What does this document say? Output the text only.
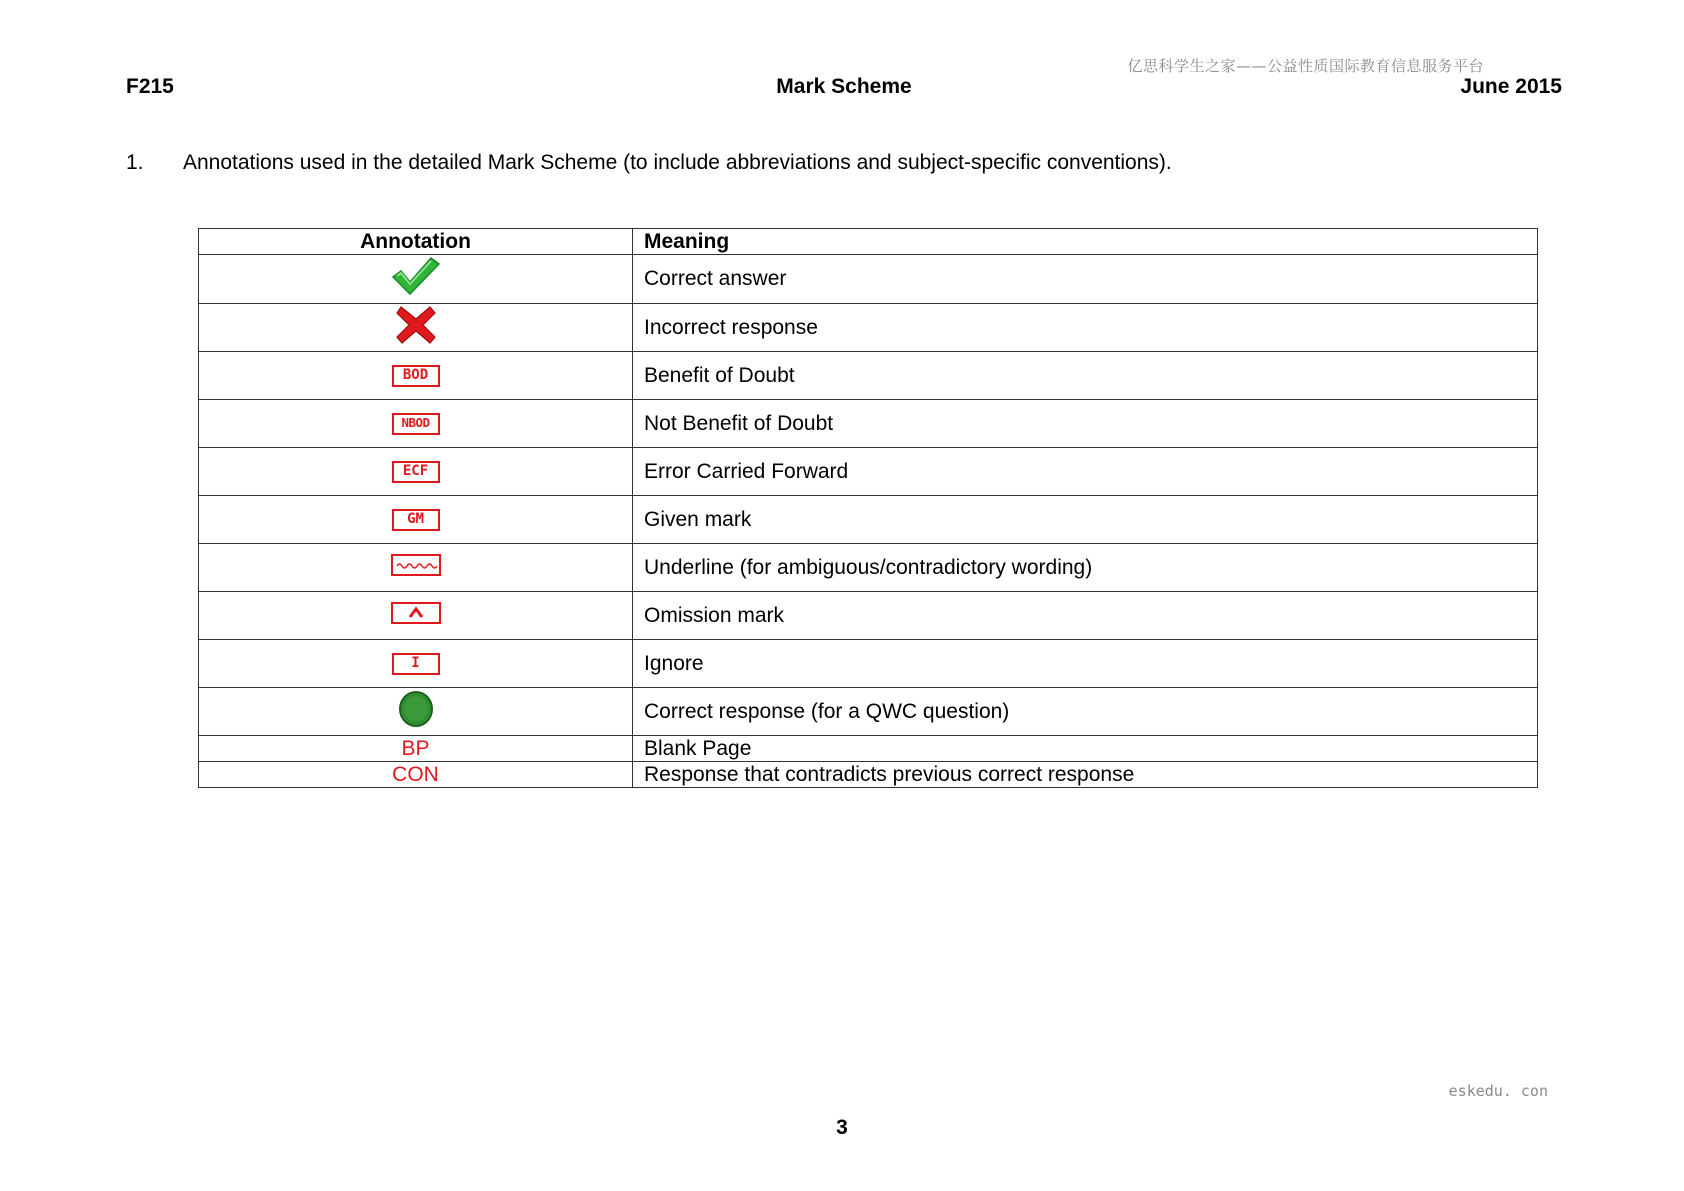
亿思科学生之家——公益性质国际教育信息服务平台
F215	Mark Scheme	June 2015
1. Annotations used in the detailed Mark Scheme (to include abbreviations and subject-specific conventions).
Annotation	Meaning
	Correct answer
	Incorrect response
BOD	Benefit of Doubt
NBOD	Not Benefit of Doubt
ECF	Error Carried Forward
GM	Given mark
	Underline (for ambiguous/contradictory wording)
	Omission mark
I	Ignore
	Correct response (for a QWC question)
BP	Blank Page
CON	Response that contradicts previous correct response
eskedu. con
3
